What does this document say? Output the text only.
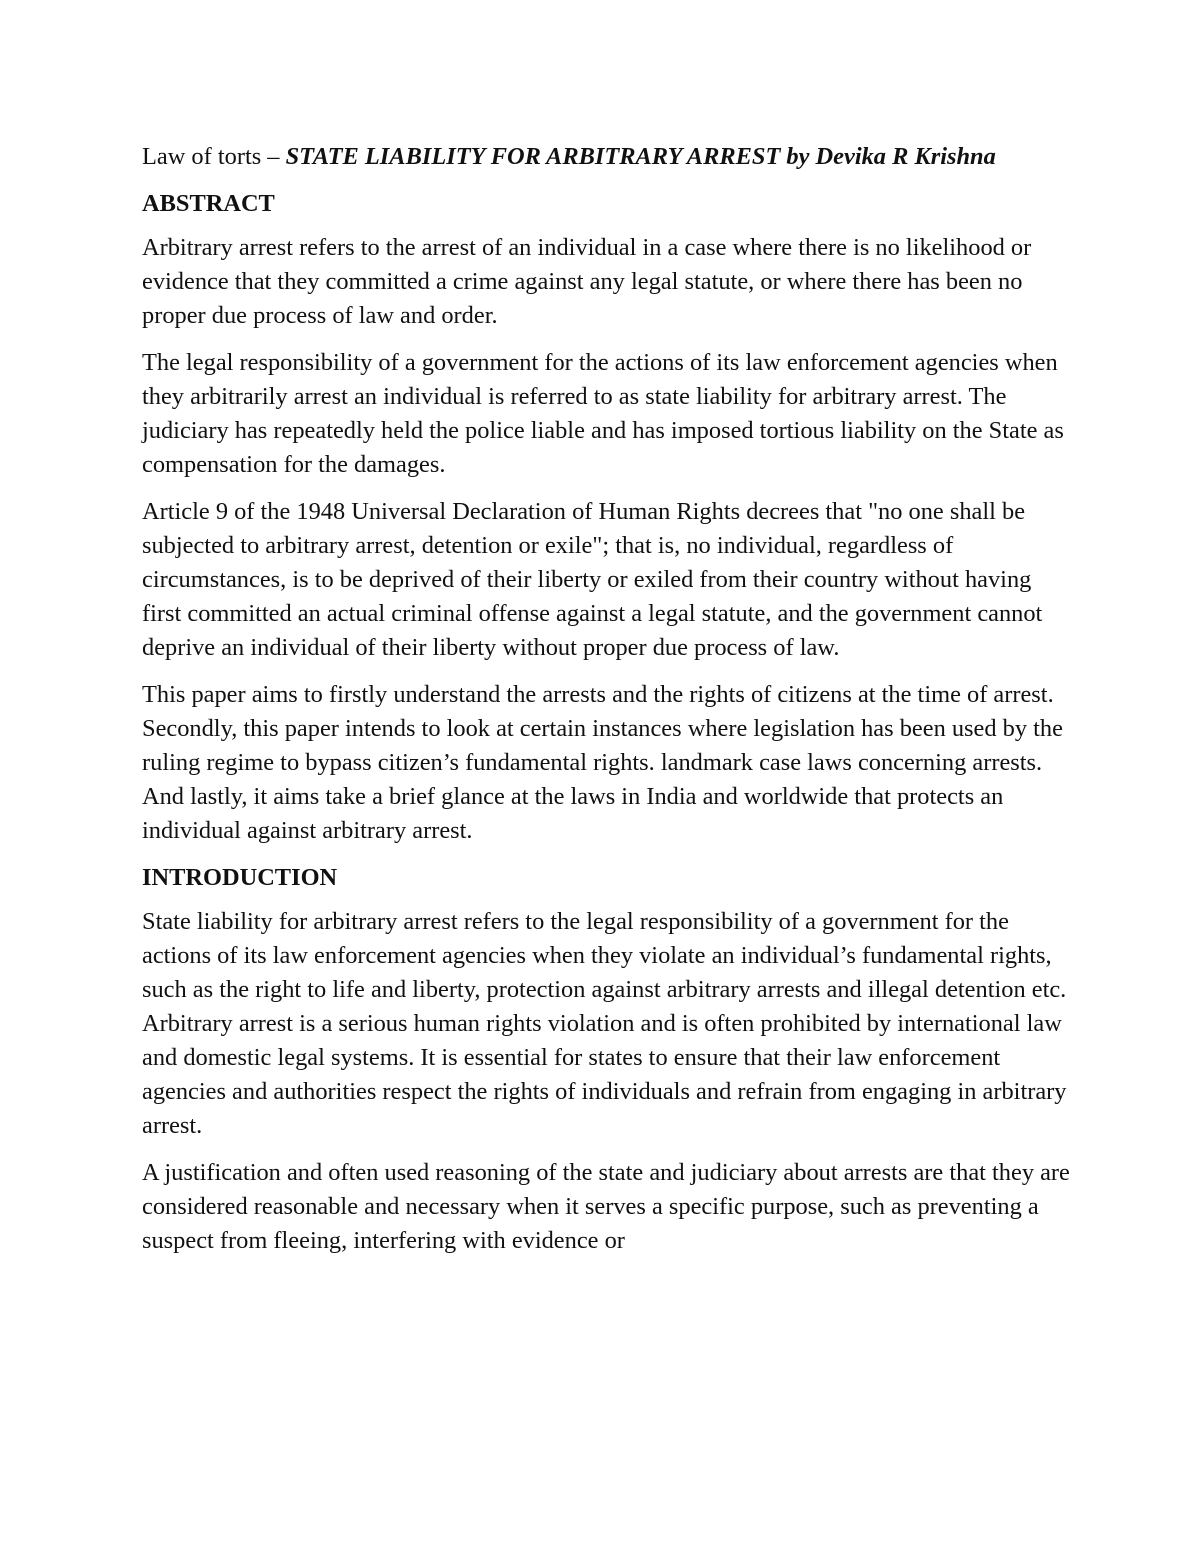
Law of torts – STATE LIABILITY FOR ARBITRARY ARREST by Devika R Krishna

ABSTRACT

Arbitrary arrest refers to the arrest of an individual in a case where there is no likelihood or evidence that they committed a crime against any legal statute, or where there has been no proper due process of law and order.

The legal responsibility of a government for the actions of its law enforcement agencies when they arbitrarily arrest an individual is referred to as state liability for arbitrary arrest. The judiciary has repeatedly held the police liable and has imposed tortious liability on the State as compensation for the damages.

Article 9 of the 1948 Universal Declaration of Human Rights decrees that "no one shall be subjected to arbitrary arrest, detention or exile"; that is, no individual, regardless of circumstances, is to be deprived of their liberty or exiled from their country without having first committed an actual criminal offense against a legal statute, and the government cannot deprive an individual of their liberty without proper due process of law.

This paper aims to firstly understand the arrests and the rights of citizens at the time of arrest. Secondly, this paper intends to look at certain instances where legislation has been used by the ruling regime to bypass citizen’s fundamental rights. landmark case laws concerning arrests. And lastly, it aims take a brief glance at the laws in India and worldwide that protects an individual against arbitrary arrest.

INTRODUCTION

State liability for arbitrary arrest refers to the legal responsibility of a government for the actions of its law enforcement agencies when they violate an individual’s fundamental rights, such as the right to life and liberty, protection against arbitrary arrests and illegal detention etc. Arbitrary arrest is a serious human rights violation and is often prohibited by international law and domestic legal systems. It is essential for states to ensure that their law enforcement agencies and authorities respect the rights of individuals and refrain from engaging in arbitrary arrest.

A justification and often used reasoning of the state and judiciary about arrests are that they are considered reasonable and necessary when it serves a specific purpose, such as preventing a suspect from fleeing, interfering with evidence or
